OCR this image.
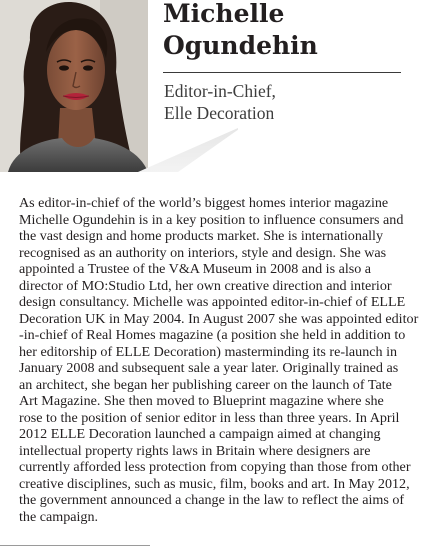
Michelle
Ogundehin
Editor-in-Chief,
Elle Decoration
As editor-in-chief of the world’s biggest homes interior magazine
Michelle Ogundehin is in a key position to influence consumers and
the vast design and home products market. She is internationally
recognised as an authority on interiors, style and design. She was
appointed a Trustee of the V&A Museum in 2008 and is also a
director of MO:Studio Ltd, her own creative direction and interior
design consultancy. Michelle was appointed editor-in-chief of ELLE
Decoration UK in May 2004. In August 2007 she was appointed editor
-in-chief of Real Homes magazine (a position she held in addition to
her editorship of ELLE Decoration) masterminding its re-launch in
January 2008 and subsequent sale a year later. Originally trained as
an architect, she began her publishing career on the launch of Tate
Art Magazine. She then moved to Blueprint magazine where she
rose to the position of senior editor in less than three years. In April
2012 ELLE Decoration launched a campaign aimed at changing
intellectual property rights laws in Britain where designers are
currently afforded less protection from copying than those from other
creative disciplines, such as music, film, books and art. In May 2012,
the government announced a change in the law to reflect the aims of
the campaign.
